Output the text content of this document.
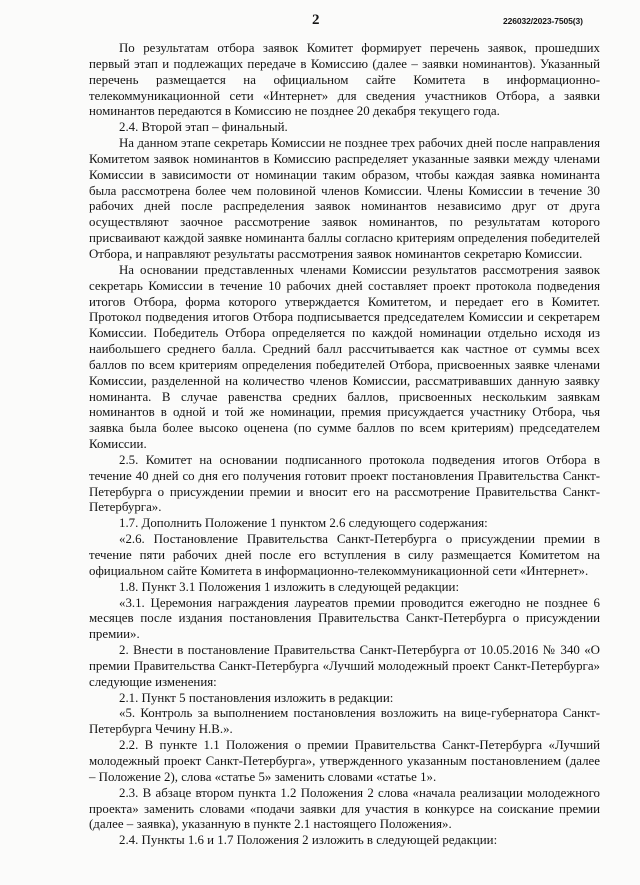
2	226032/2023-7505(3)

По результатам отбора заявок Комитет формирует перечень заявок, прошедших первый этап и подлежащих передаче в Комиссию (далее – заявки номинантов). Указанный перечень размещается на официальном сайте Комитета в информационно-телекоммуникационной сети «Интернет» для сведения участников Отбора, а заявки номинантов передаются в Комиссию не позднее 20 декабря текущего года.

2.4. Второй этап – финальный.

На данном этапе секретарь Комиссии не позднее трех рабочих дней после направления Комитетом заявок номинантов в Комиссию распределяет указанные заявки между членами Комиссии в зависимости от номинации таким образом, чтобы каждая заявка номинанта была рассмотрена более чем половиной членов Комиссии. Члены Комиссии в течение 30 рабочих дней после распределения заявок номинантов независимо друг от друга осуществляют заочное рассмотрение заявок номинантов, по результатам которого присваивают каждой заявке номинанта баллы согласно критериям определения победителей Отбора, и направляют результаты рассмотрения заявок номинантов секретарю Комиссии.

На основании представленных членами Комиссии результатов рассмотрения заявок секретарь Комиссии в течение 10 рабочих дней составляет проект протокола подведения итогов Отбора, форма которого утверждается Комитетом, и передает его в Комитет. Протокол подведения итогов Отбора подписывается председателем Комиссии и секретарем Комиссии. Победитель Отбора определяется по каждой номинации отдельно исходя из наибольшего среднего балла. Средний балл рассчитывается как частное от суммы всех баллов по всем критериям определения победителей Отбора, присвоенных заявке членами Комиссии, разделенной на количество членов Комиссии, рассматривавших данную заявку номинанта. В случае равенства средних баллов, присвоенных нескольким заявкам номинантов в одной и той же номинации, премия присуждается участнику Отбора, чья заявка была более высоко оценена (по сумме баллов по всем критериям) председателем Комиссии.

2.5. Комитет на основании подписанного протокола подведения итогов Отбора в течение 40 дней со дня его получения готовит проект постановления Правительства Санкт-Петербурга о присуждении премии и вносит его на рассмотрение Правительства Санкт-Петербурга».

1.7. Дополнить Положение 1 пунктом 2.6 следующего содержания:

«2.6. Постановление Правительства Санкт-Петербурга о присуждении премии в течение пяти рабочих дней после его вступления в силу размещается Комитетом на официальном сайте Комитета в информационно-телекоммуникационной сети «Интернет».

1.8. Пункт 3.1 Положения 1 изложить в следующей редакции:

«3.1. Церемония награждения лауреатов премии проводится ежегодно не позднее 6 месяцев после издания постановления Правительства Санкт-Петербурга о присуждении премии».

2. Внести в постановление Правительства Санкт-Петербурга от 10.05.2016 № 340 «О премии Правительства Санкт-Петербурга «Лучший молодежный проект Санкт-Петербурга» следующие изменения:

2.1. Пункт 5 постановления изложить в редакции:

«5. Контроль за выполнением постановления возложить на вице-губернатора Санкт-Петербурга Чечину Н.В.».

2.2. В пункте 1.1 Положения о премии Правительства Санкт-Петербурга «Лучший молодежный проект Санкт-Петербурга», утвержденного указанным постановлением (далее – Положение 2), слова «статье 5» заменить словами «статье 1».

2.3. В абзаце втором пункта 1.2 Положения 2 слова «начала реализации молодежного проекта» заменить словами «подачи заявки для участия в конкурсе на соискание премии (далее – заявка), указанную в пункте 2.1 настоящего Положения».

2.4. Пункты 1.6 и 1.7 Положения 2 изложить в следующей редакции:
